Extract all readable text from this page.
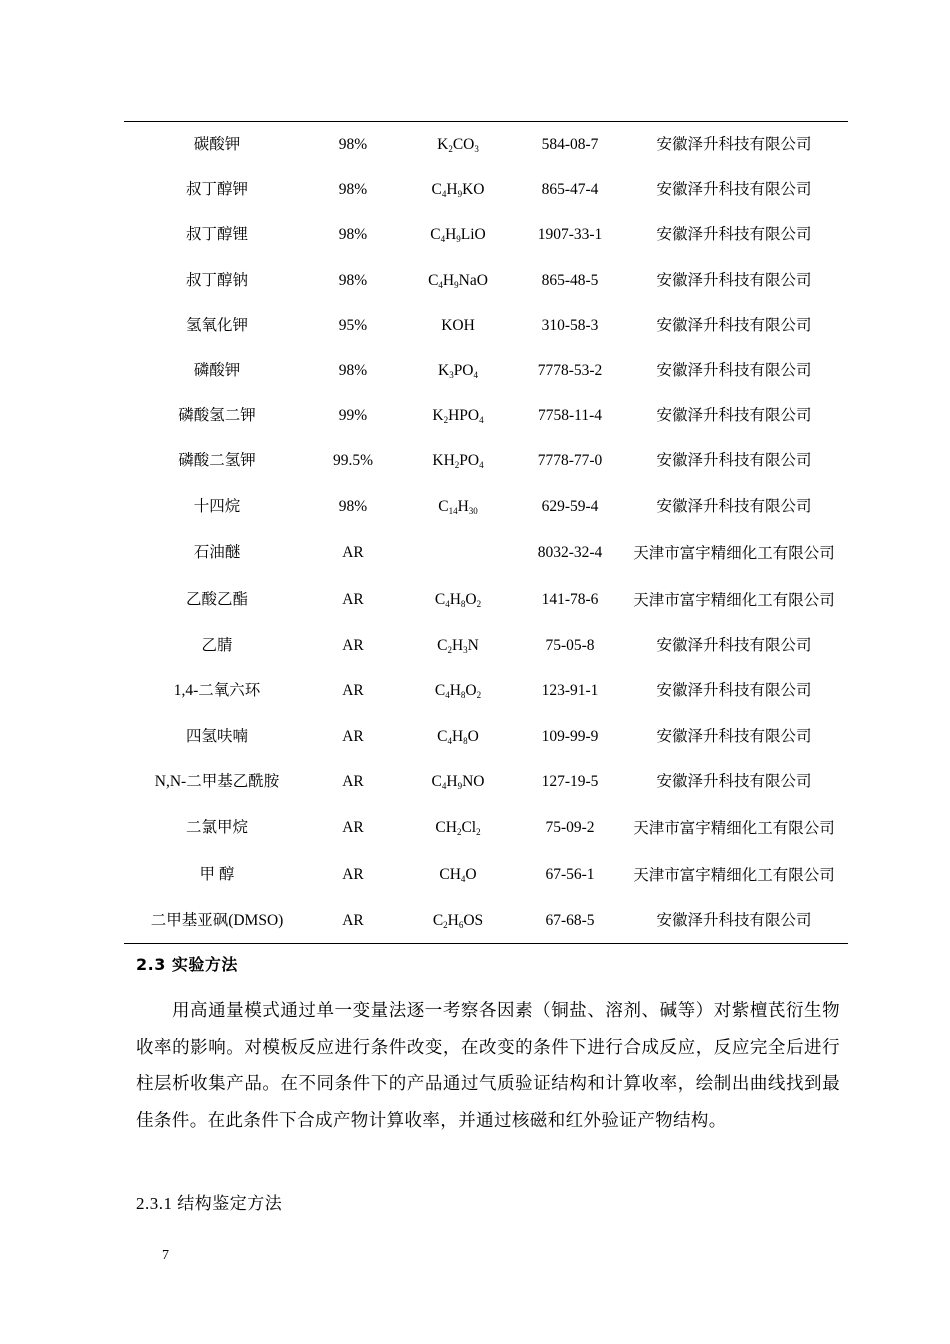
碳酸钾	98%	$K_2CO_3$	584-08-7	安徽泽升科技有限公司
叔丁醇钾	98%	$C_4H_9KO$	865-47-4	安徽泽升科技有限公司
叔丁醇锂	98%	$C_4H_9LiO$	1907-33-1	安徽泽升科技有限公司
叔丁醇钠	98%	$C_4H_9NaO$	865-48-5	安徽泽升科技有限公司
氢氧化钾	95%	KOH	310-58-3	安徽泽升科技有限公司
磷酸钾	98%	$K_3PO_4$	7778-53-2	安徽泽升科技有限公司
磷酸氢二钾	99%	$K_2HPO_4$	7758-11-4	安徽泽升科技有限公司
磷酸二氢钾	99.5%	$KH_2PO_4$	7778-77-0	安徽泽升科技有限公司
十四烷	98%	$C_{14}H_{30}$	629-59-4	安徽泽升科技有限公司
石油醚	AR		8032-32-4	天津市富宇精细化工有限公司
乙酸乙酯	AR	$C_4H_8O_2$	141-78-6	天津市富宇精细化工有限公司
乙腈	AR	$C_2H_3N$	75-05-8	安徽泽升科技有限公司
1,4-二氧六环	AR	$C_4H_8O_2$	123-91-1	安徽泽升科技有限公司
四氢呋喃	AR	$C_4H_8O$	109-99-9	安徽泽升科技有限公司
N,N-二甲基乙酰胺	AR	$C_4H_9NO$	127-19-5	安徽泽升科技有限公司
二氯甲烷	AR	$CH_2Cl_2$	75-09-2	天津市富宇精细化工有限公司
甲 醇	AR	$CH_4O$	67-56-1	天津市富宇精细化工有限公司
二甲基亚砜(DMSO)	AR	$C_2H_6OS$	67-68-5	安徽泽升科技有限公司
2.3 实验方法

用高通量模式通过单一变量法逐一考察各因素（铜盐、溶剂、碱等）对紫檀芪衍生物收率的影响。对模板反应进行条件改变，在改变的条件下进行合成反应，反应完全后进行柱层析收集产品。在不同条件下的产品通过气质验证结构和计算收率，绘制出曲线找到最佳条件。在此条件下合成产物计算收率，并通过核磁和红外验证产物结构。

2.3.1 结构鉴定方法
7
